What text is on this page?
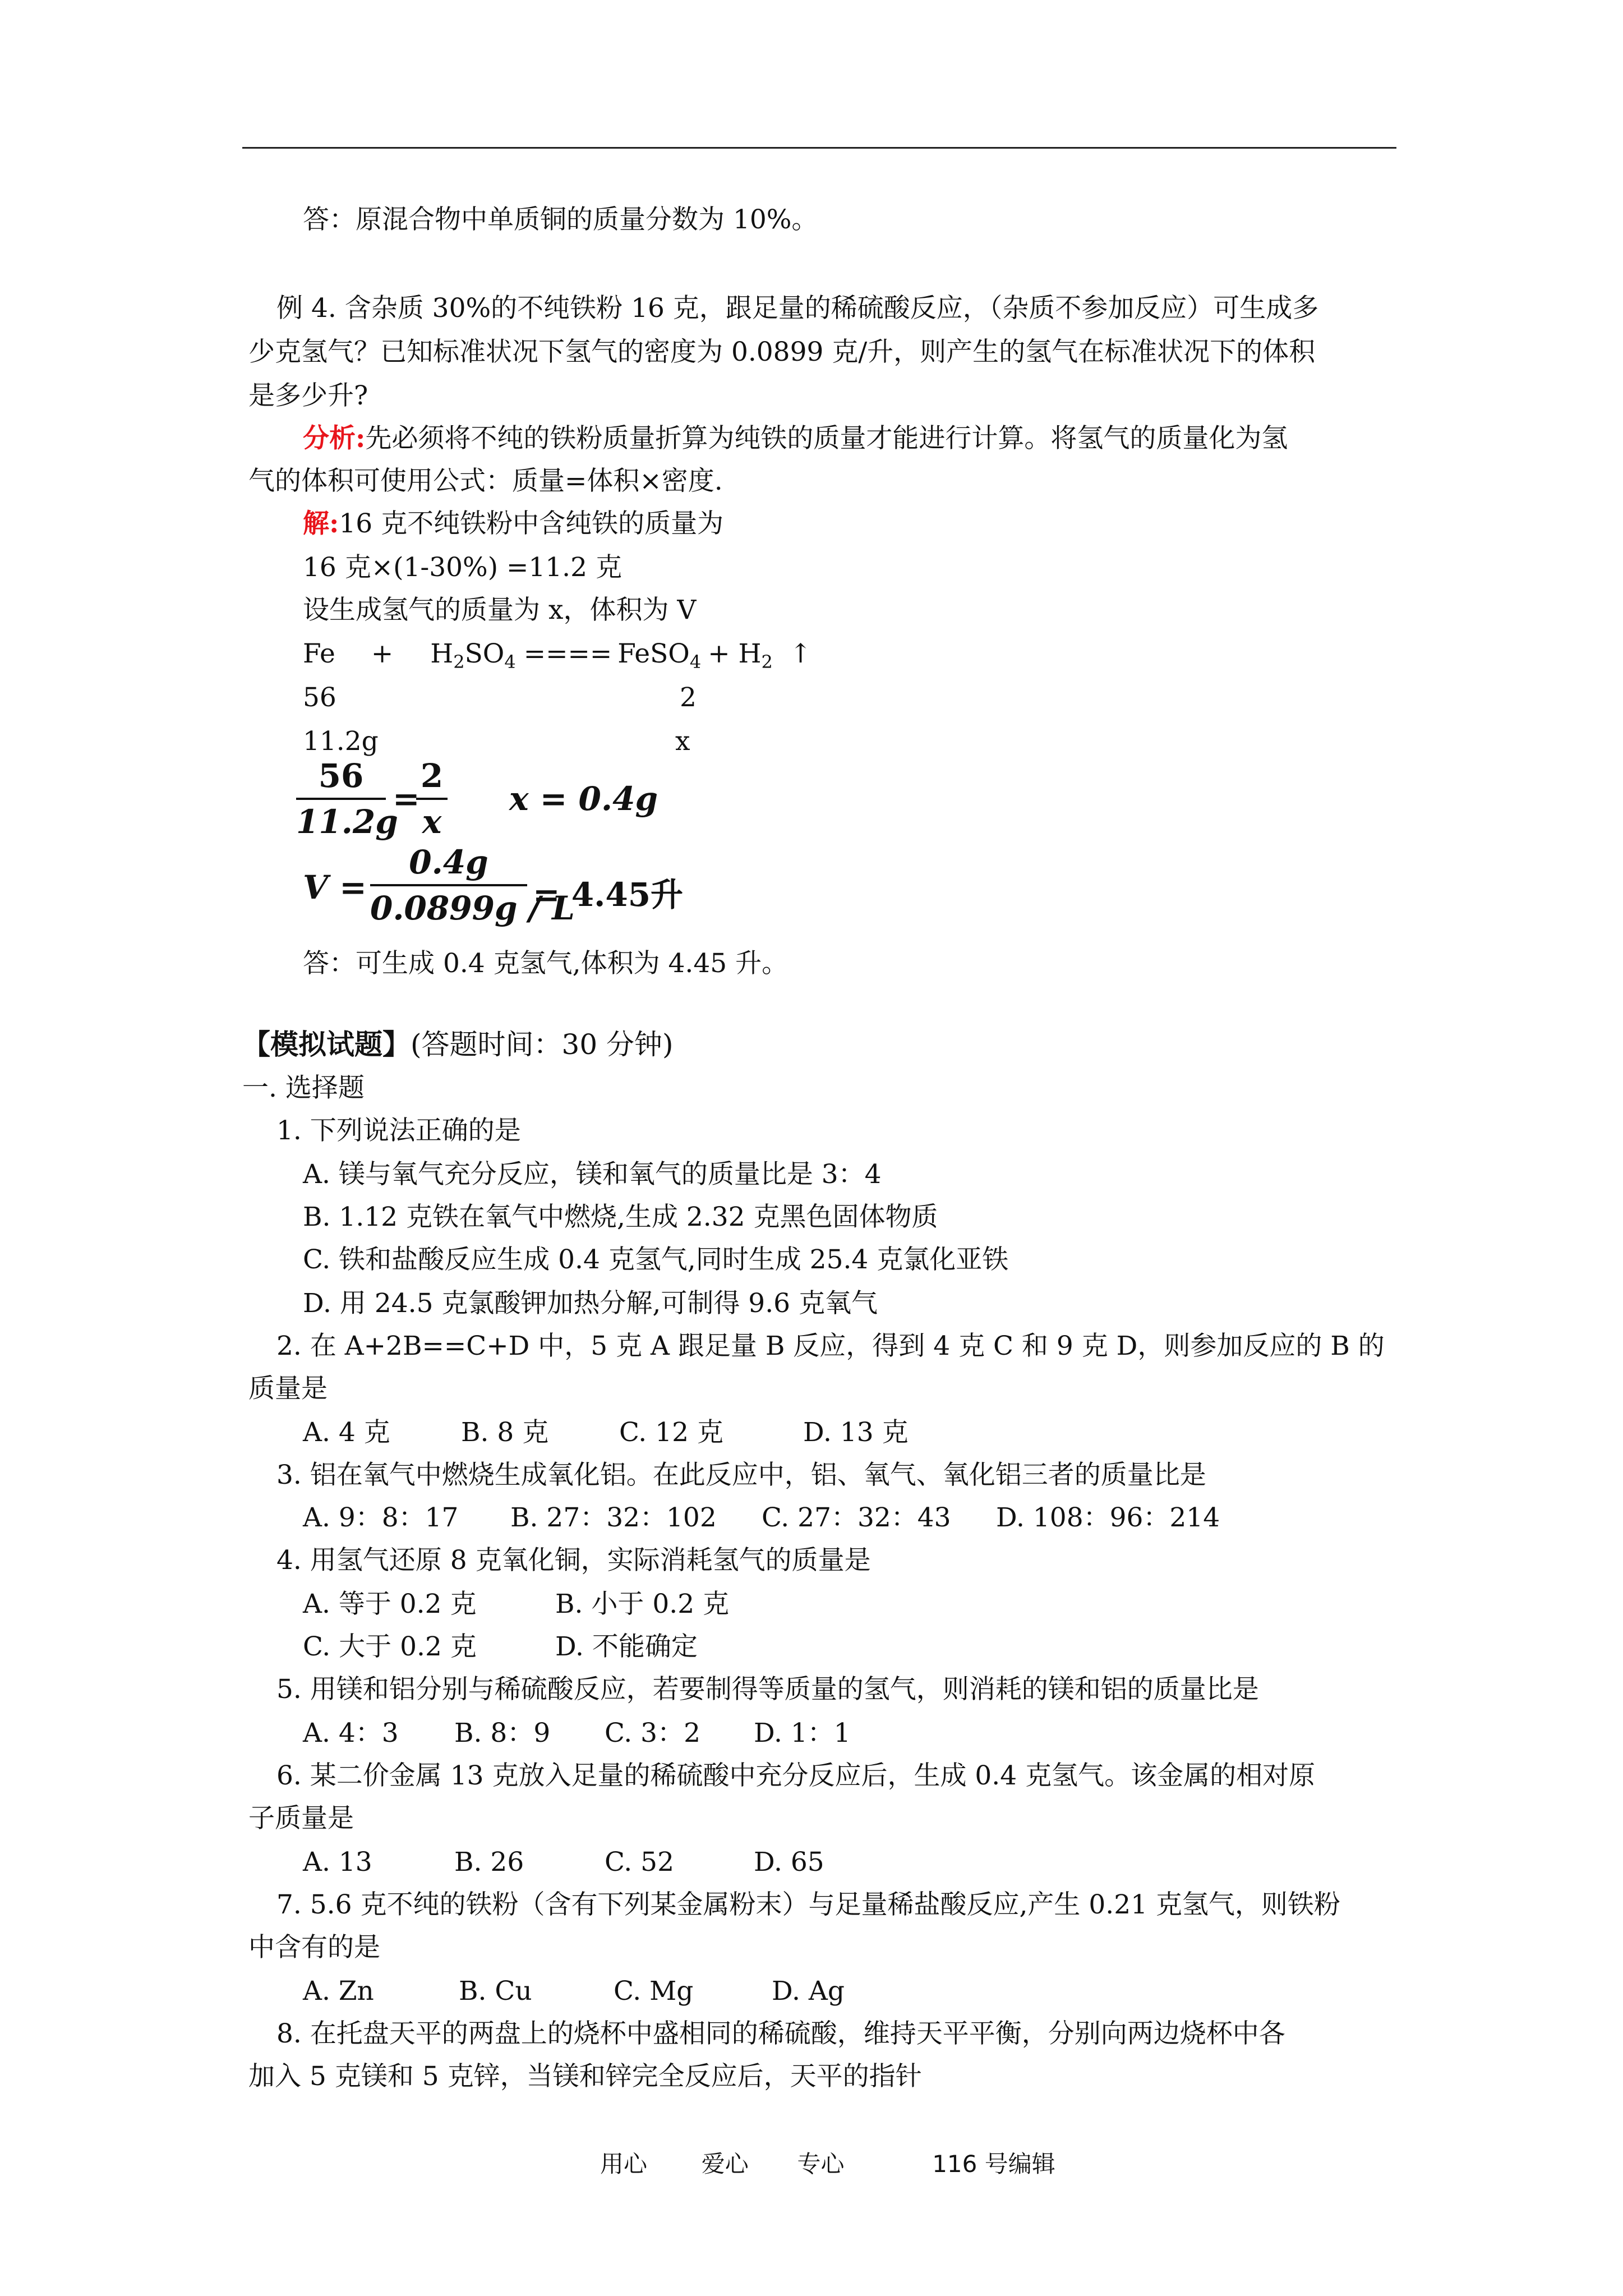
答：原混合物中单质铜的质量分数为 10%。
例 4. 含杂质 30%的不纯铁粉 16 克，跟足量的稀硫酸反应，（杂质不参加反应）可生成多
少克氢气？已知标准状况下氢气的密度为 0.0899 克/升，则产生的氢气在标准状况下的体积
是多少升?
分析:先必须将不纯的铁粉质量折算为纯铁的质量才能进行计算。将氢气的质量化为氢
气的体积可使用公式：质量=体积×密度.
解:16 克不纯铁粉中含纯铁的质量为
16 克×(1-30%) =11.2 克
设生成氢气的质量为 x，体积为 V
$Fe + H_2SO_4$ ==== FeSO$_4$ + $H_2$ ↑
56	2
11.2g	x
56
11.2g
=
2
x
x = 0.4g
V =
0.4g
0.0899g / L
= 4.45升
答：可生成 0.4 克氢气,体积为 4.45 升。
【模拟试题】(答题时间：30 分钟)
一. 选择题
1. 下列说法正确的是
A. 镁与氧气充分反应，镁和氧气的质量比是 3：4
B. 1.12 克铁在氧气中燃烧,生成 2.32 克黑色固体物质
C. 铁和盐酸反应生成 0.4 克氢气,同时生成 25.4 克氯化亚铁
D. 用 24.5 克氯酸钾加热分解,可制得 9.6 克氧气
2. 在 A+2B==C+D 中，5 克 A 跟足量 B 反应，得到 4 克 C 和 9 克 D，则参加反应的 B 的
质量是
A. 4 克	B. 8 克	C. 12 克	D. 13 克
3. 铝在氧气中燃烧生成氧化铝。在此反应中，铝、氧气、氧化铝三者的质量比是
A. 9：8：17 B. 27：32：102 C. 27：32：43 D. 108：96：214
4. 用氢气还原 8 克氧化铜，实际消耗氢气的质量是
A. 等于 0.2 克	B. 小于 0.2 克
C. 大于 0.2 克	D. 不能确定
5. 用镁和铝分别与稀硫酸反应，若要制得等质量的氢气，则消耗的镁和铝的质量比是
A. 4：3 B. 8：9 C. 3：2 D. 1：1
6. 某二价金属 13 克放入足量的稀硫酸中充分反应后，生成 0.4 克氢气。该金属的相对原
子质量是
A. 13	B. 26	C. 52	D. 65
7. 5.6 克不纯的铁粉（含有下列某金属粉末）与足量稀盐酸反应,产生 0.21 克氢气，则铁粉
中含有的是
A. Zn	B. Cu	C. Mg	D. Ag
8. 在托盘天平的两盘上的烧杯中盛相同的稀硫酸，维持天平平衡，分别向两边烧杯中各
加入 5 克镁和 5 克锌，当镁和锌完全反应后，天平的指针
用心 爱心 专心	116 号编辑
